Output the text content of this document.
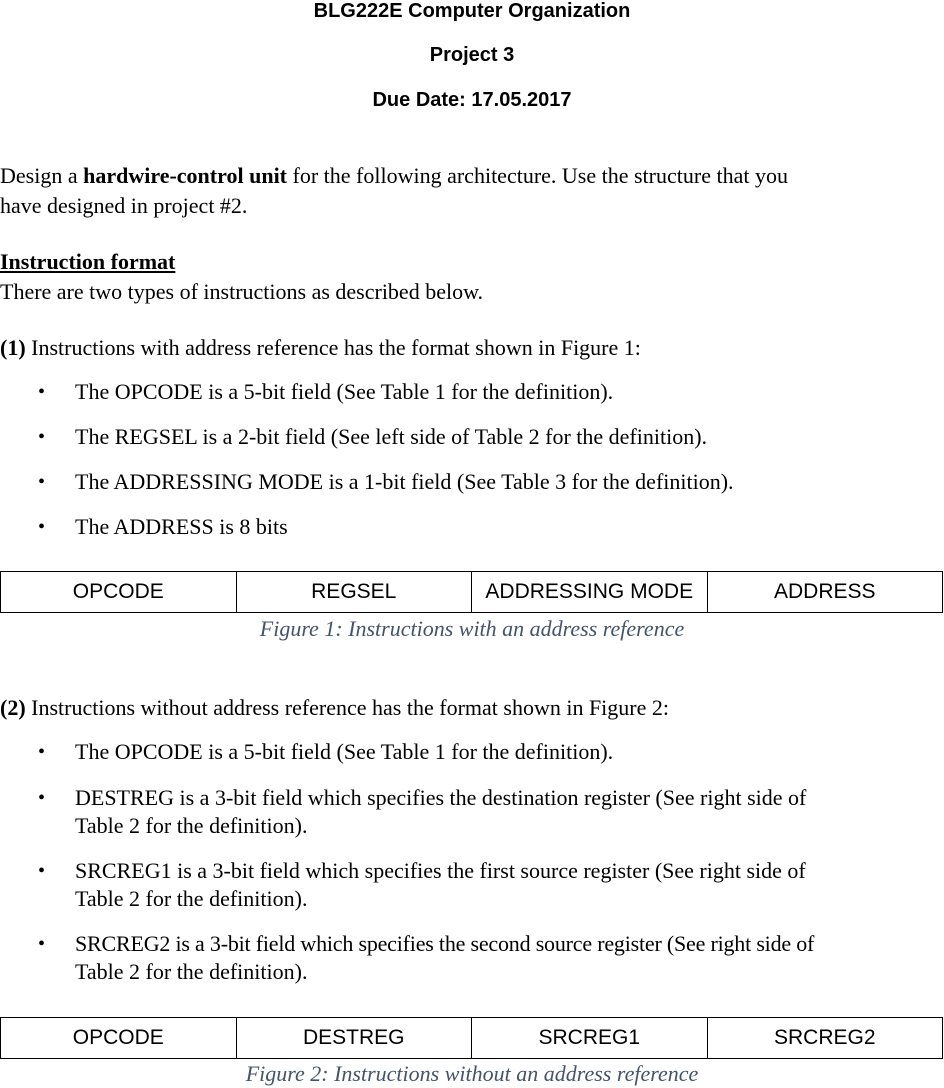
BLG222E Computer Organization
Project 3
Due Date: 17.05.2017
Design a hardwire-control unit for the following architecture. Use the structure that you
have designed in project #2.
Instruction format
There are two types of instructions as described below.
(1) Instructions with address reference has the format shown in Figure 1:
• The OPCODE is a 5-bit field (See Table 1 for the definition).
• The REGSEL is a 2-bit field (See left side of Table 2 for the definition).
• The ADDRESSING MODE is a 1-bit field (See Table 3 for the definition).
• The ADDRESS is 8 bits
OPCODE	REGSEL	ADDRESSING MODE	ADDRESS
Figure 1: Instructions with an address reference
(2) Instructions without address reference has the format shown in Figure 2:
• The OPCODE is a 5-bit field (See Table 1 for the definition).
• DESTREG is a 3-bit field which specifies the destination register (See right side of
Table 2 for the definition).
• SRCREG1 is a 3-bit field which specifies the first source register (See right side of
Table 2 for the definition).
• SRCREG2 is a 3-bit field which specifies the second source register (See right side of
Table 2 for the definition).
OPCODE	DESTREG	SRCREG1	SRCREG2
Figure 2: Instructions without an address reference
